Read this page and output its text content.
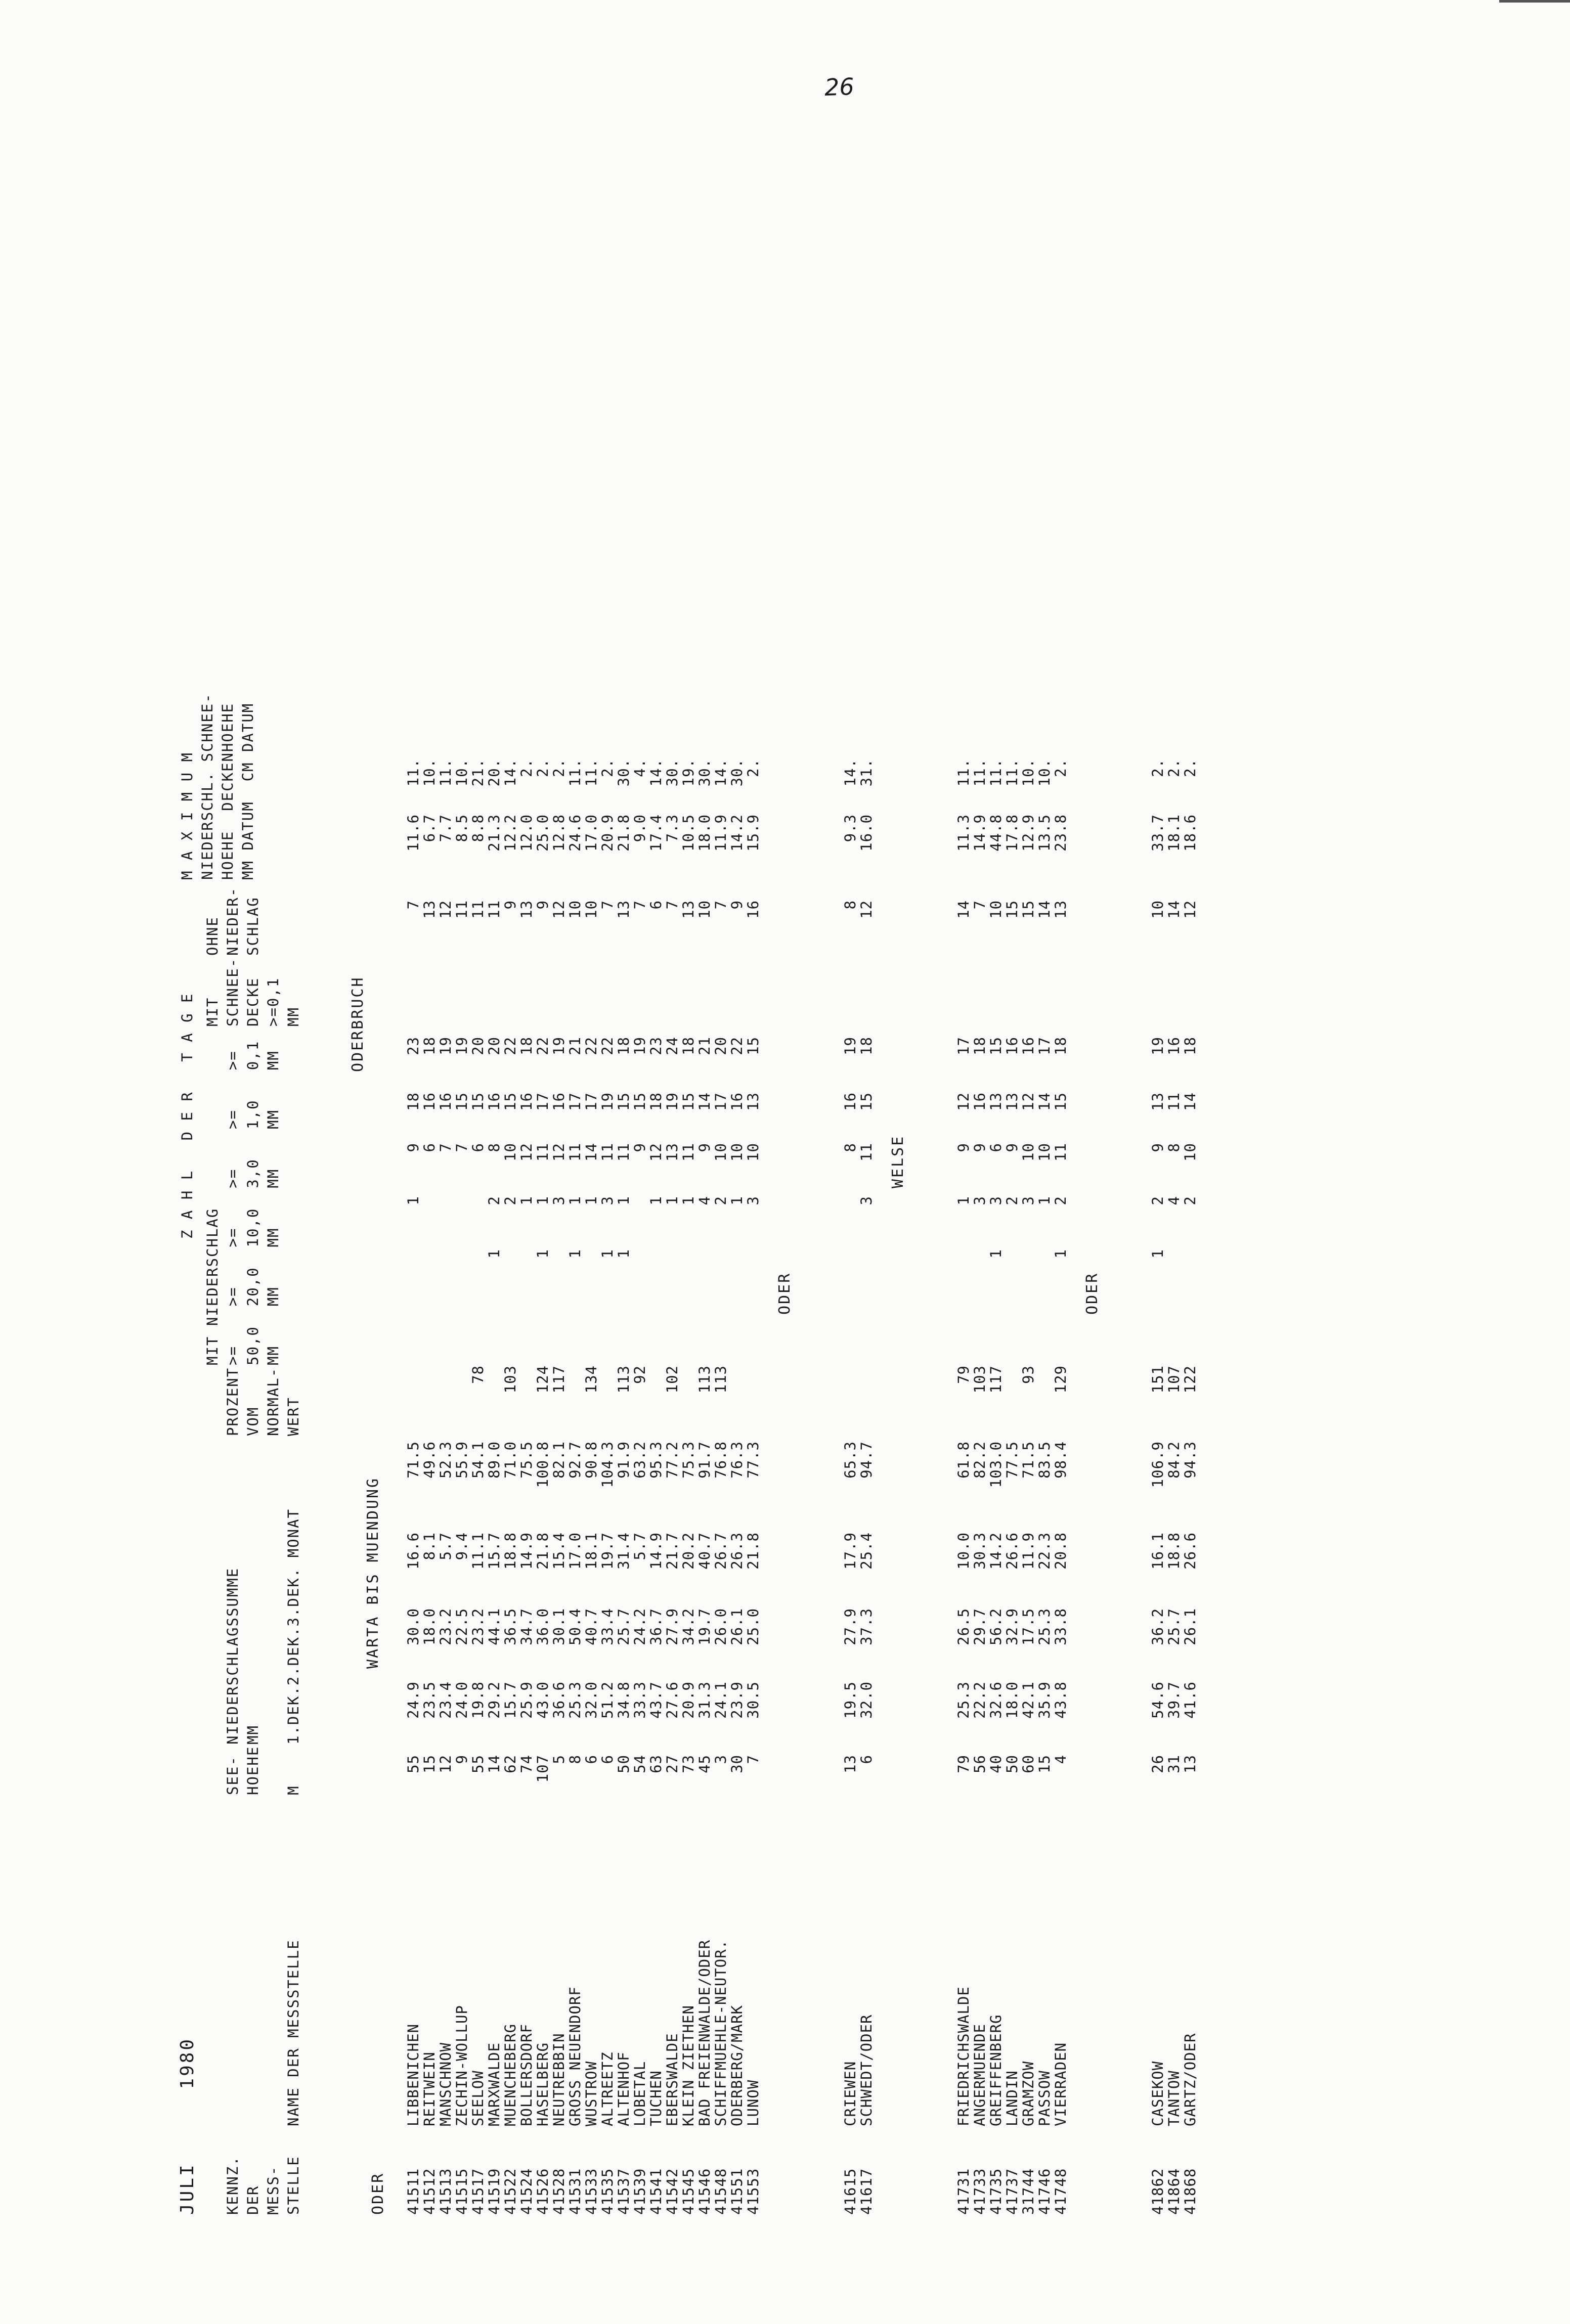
26
JULI 1980
KENNZ.
DER
MESS-
STELLE
NAME DER MESSSTELLE
SEE-
HOEHE

M
NIEDERSCHLAGSSUMME
MM

1.DEK.2.DEK.3.DEK. MONAT
PROZENT
VOM
NORMAL-
WERT
Z A H L   D E R   T A G E
MIT NIEDERSCHLAG
>=    >=    >=    >=    >=    >=
50,0  20,0  10,0  3,0   1,0   0,1
MM    MM    MM    MM    MM    MM
MIT
SCHNEE-
DECKE
>=0,1
MM
OHNE
NIEDER-
SCHLAG
M A X I M U M
NIEDERSCHL. SCHNEE-
HOEHE  DECKENHOEHE
MM DATUM  CM DATUM
ODER
WARTA BIS MUENDUNG
ODERBRUCH
41511
LIBBENICHEN
55
24.9
30.0
16.6
71.5
1
9
18
23
7
11.6
11.
41512
REITWEIN
15
23.5
18.0
8.1
49.6
6
16
18
13
6.7
10.
41513
MANSCHNOW
12
23.4
23.2
5.7
52.3
7
16
19
12
7.7
11.
41515
ZECHIN-WOLLUP
9
24.0
22.5
9.4
55.9
7
15
19
11
8.5
10.
41517
SEELOW
55
19.8
23.2
11.1
54.1
78
6
15
20
11
8.8
21.
41519
MARXWALDE
14
29.2
44.1
15.7
89.0
1
2
8
16
20
11
21.3
20.
41522
MUENCHEBERG
62
15.7
36.5
18.8
71.0
103
2
10
15
22
9
12.2
14.
41524
BOLLERSDORF
74
25.9
34.7
14.9
75.5
1
12
16
18
13
12.0
2.
41526
HASELBERG
107
43.0
36.0
21.8
100.8
124
1
1
11
17
22
9
25.0
2.
41528
NEUTREBBIN
5
36.6
30.1
15.4
82.1
117
3
12
16
19
12
12.8
2.
41531
GROSS NEUENDORF
8
25.3
50.4
17.0
92.7
1
1
11
17
21
10
24.6
11.
41533
WUSTROW
6
32.0
40.7
18.1
90.8
134
1
14
17
22
10
17.0
11.
41535
ALTREETZ
6
51.2
33.4
19.7
104.3
1
3
11
19
22
7
20.9
2.
41537
ALTENHOF
50
34.8
25.7
31.4
91.9
113
1
1
11
15
18
13
21.8
30.
41539
LOBETAL
54
33.3
24.2
5.7
63.2
92
9
15
19
7
9.0
4.
41541
TUCHEN
63
43.7
36.7
14.9
95.3
1
12
18
23
6
17.4
14.
41542
EBERSWALDE
27
27.6
27.9
21.7
77.2
102
1
13
19
24
7
7.3
30.
41545
KLEIN ZIETHEN
73
20.9
34.2
20.2
75.3
1
11
15
18
13
10.5
19.
41546
BAD FREIENWALDE/ODER
45
31.3
19.7
40.7
91.7
113
4
9
14
21
10
18.0
30.
41548
SCHIFFMUEHLE-NEUTOR.
3
24.1
26.0
26.7
76.8
113
2
10
17
20
7
11.9
14.
41551
ODERBERG/MARK
30
23.9
26.1
26.3
76.3
1
10
16
22
9
14.2
30.
41553
LUNOW
7
30.5
25.0
21.8
77.3
3
10
13
15
16
15.9
2.
ODER
41615
CRIEWEN
13
19.5
27.9
17.9
65.3
8
16
19
8
9.3
14.
41617
SCHWEDT/ODER
6
32.0
37.3
25.4
94.7
3
11
15
18
12
16.0
31.
WELSE
41731
FRIEDRICHSWALDE
79
25.3
26.5
10.0
61.8
79
1
9
12
17
14
11.3
11.
41733
ANGERMUENDE
56
22.2
29.7
30.3
82.2
103
3
9
16
18
7
14.9
11.
41735
GREIFFENBERG
40
32.6
56.2
14.2
103.0
117
1
3
6
13
15
10
44.8
11.
41737
LANDIN
50
18.0
32.9
26.6
77.5
2
9
13
16
15
17.8
11.
31744
GRAMZOW
60
42.1
17.5
11.9
71.5
93
3
10
12
16
15
12.9
10.
41746
PASSOW
15
35.9
25.3
22.3
83.5
1
10
14
17
14
13.5
10.
41748
VIERRADEN
4
43.8
33.8
20.8
98.4
129
1
2
11
15
18
13
23.8
2.
ODER
41862
CASEKOW
26
54.6
36.2
16.1
106.9
151
1
2
9
13
19
10
33.7
2.
41864
TANTOW
31
39.7
25.7
18.8
84.2
107
4
8
11
16
14
18.1
2.
41868
GARTZ/ODER
13
41.6
26.1
26.6
94.3
122
2
10
14
18
12
18.6
2.
